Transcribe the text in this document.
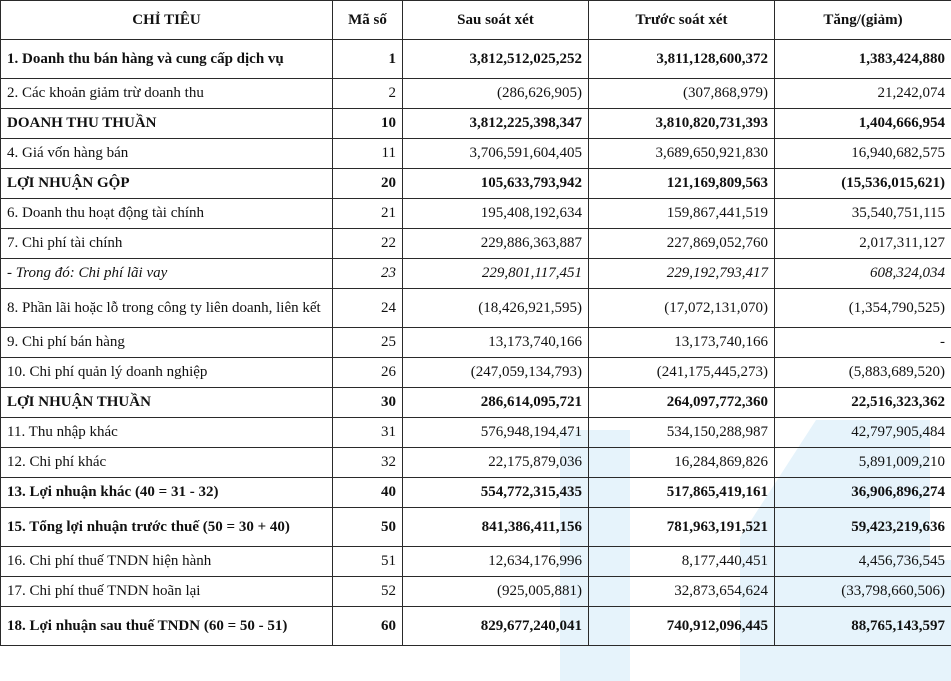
CHỈ TIÊU	Mã số	Sau soát xét	Trước soát xét	Tăng/(giảm)
1. Doanh thu bán hàng và cung cấp dịch vụ	1	3,812,512,025,252	3,811,128,600,372	1,383,424,880
2. Các khoản giảm trừ doanh thu	2	(286,626,905)	(307,868,979)	21,242,074
DOANH THU THUẦN	10	3,812,225,398,347	3,810,820,731,393	1,404,666,954
4. Giá vốn hàng bán	11	3,706,591,604,405	3,689,650,921,830	16,940,682,575
LỢI NHUẬN GỘP	20	105,633,793,942	121,169,809,563	(15,536,015,621)
6. Doanh thu hoạt động tài chính	21	195,408,192,634	159,867,441,519	35,540,751,115
7. Chi phí tài chính	22	229,886,363,887	227,869,052,760	2,017,311,127
- Trong đó: Chi phí lãi vay	23	229,801,117,451	229,192,793,417	608,324,034
8. Phần lãi hoặc lỗ trong công ty liên doanh, liên kết	24	(18,426,921,595)	(17,072,131,070)	(1,354,790,525)
9. Chi phí bán hàng	25	13,173,740,166	13,173,740,166	-
10. Chi phí quản lý doanh nghiệp	26	(247,059,134,793)	(241,175,445,273)	(5,883,689,520)
LỢI NHUẬN THUẦN	30	286,614,095,721	264,097,772,360	22,516,323,362
11. Thu nhập khác	31	576,948,194,471	534,150,288,987	42,797,905,484
12. Chi phí khác	32	22,175,879,036	16,284,869,826	5,891,009,210
13. Lợi nhuận khác (40 = 31 - 32)	40	554,772,315,435	517,865,419,161	36,906,896,274
15. Tổng lợi nhuận trước thuế (50 = 30 + 40)	50	841,386,411,156	781,963,191,521	59,423,219,636
16. Chi phí thuế TNDN hiện hành	51	12,634,176,996	8,177,440,451	4,456,736,545
17. Chi phí thuế TNDN hoãn lại	52	(925,005,881)	32,873,654,624	(33,798,660,506)
18. Lợi nhuận sau thuế TNDN (60 = 50 - 51)	60	829,677,240,041	740,912,096,445	88,765,143,597
